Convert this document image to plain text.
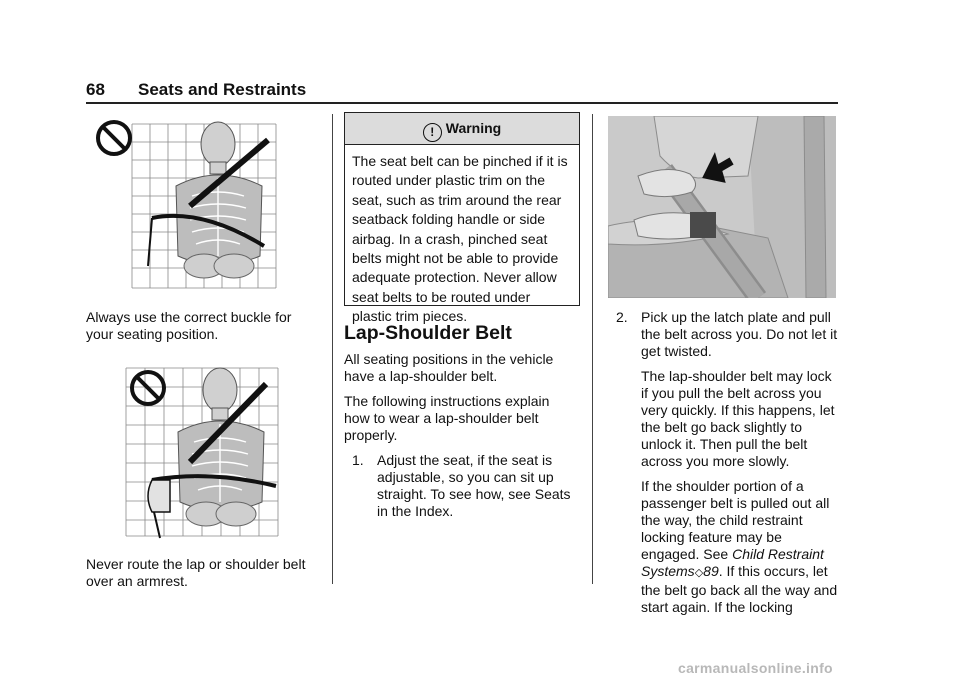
68 Seats and Restraints
Always use the correct buckle for your seating position.
Never route the lap or shoulder belt over an armrest.
! Warning
The seat belt can be pinched if it is routed under plastic trim on the seat, such as trim around the rear seatback folding handle or side airbag. In a crash, pinched seat belts might not be able to provide adequate protection. Never allow seat belts to be routed under plastic trim pieces.
Lap-Shoulder Belt

All seating positions in the vehicle have a lap-shoulder belt.

The following instructions explain how to wear a lap-shoulder belt properly.

1. Adjust the seat, if the seat is adjustable, so you can sit up straight. To see how, see Seats in the Index.
2. Pick up the latch plate and pull the belt across you. Do not let it get twisted.

The lap-shoulder belt may lock if you pull the belt across you very quickly. If this happens, let the belt go back slightly to unlock it. Then pull the belt across you more slowly.

If the shoulder portion of a passenger belt is pulled out all the way, the child restraint locking feature may be engaged. See Child Restraint Systems◇89. If this occurs, let the belt go back all the way and start again. If the locking

carmanualsonline.info
